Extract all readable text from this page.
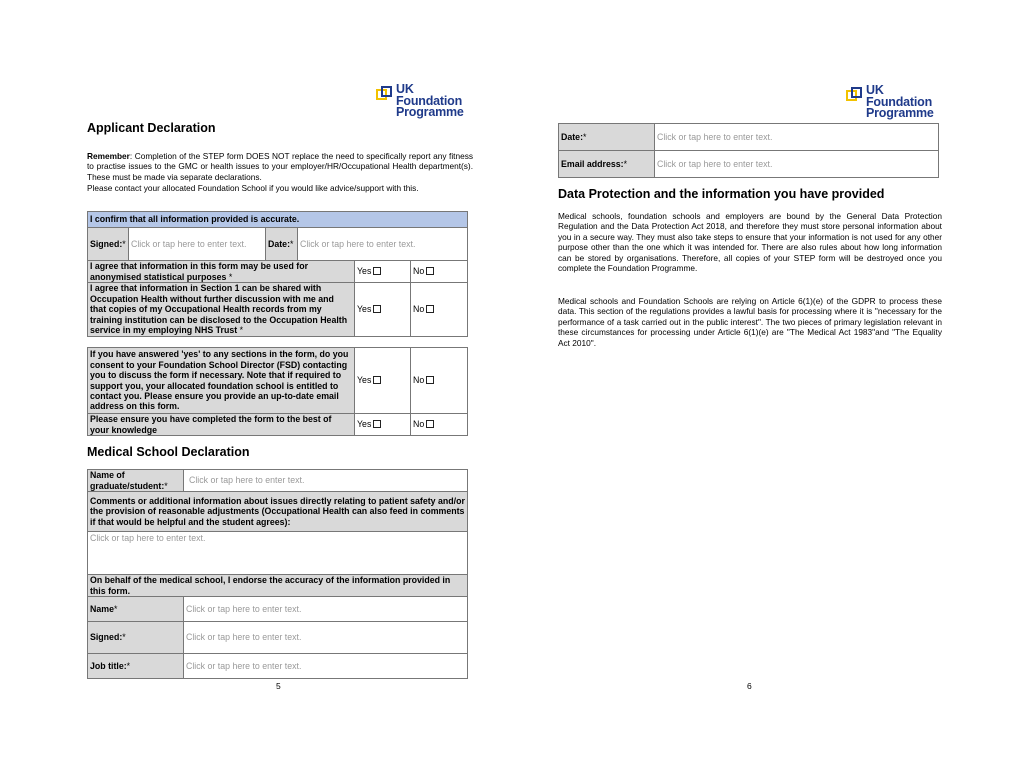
UK
Foundation
Programme
Applicant Declaration

Remember: Completion of the STEP form DOES NOT replace the need to specifically report any fitness to practise issues to the GMC or health issues to your employer/HR/Occupational Health department(s). These must be made via separate declarations.

Please contact your allocated Foundation School if you would like advice/support with this.

I confirm that all information provided is accurate.
Signed:*	Click or tap here to enter text.	Date:*	Click or tap here to enter text.
I agree that information in this form may be used for anonymised statistical purposes *	Yes	No
I agree that information in Section 1 can be shared with Occupation Health without further discussion with me and that copies of my Occupational Health records from my training institution can be disclosed to the Occupation Health service in my employing NHS Trust *	Yes	No
If you have answered 'yes' to any sections in the form, do you consent to your Foundation School Director (FSD) contacting you to discuss the form if necessary. Note that if required to support you, your allocated foundation school is entitled to contact you. Please ensure you provide an up-to-date email address on this form.	Yes	No
Please ensure you have completed the form to the best of your knowledge	Yes	No
Medical School Declaration
Name of graduate/student:*	Click or tap here to enter text.
Comments or additional information about issues directly relating to patient safety and/or the provision of reasonable adjustments (Occupational Health can also feed in comments if that would be helpful and the student agrees):	
Click or tap here to enter text.	
On behalf of the medical school, I endorse the accuracy of the information provided in this form.	
Name*	Click or tap here to enter text.
Signed:*	Click or tap here to enter text.
Job title:*	Click or tap here to enter text.
5
UK
Foundation
Programme
Date:*	Click or tap here to enter text.
Email address:*	Click or tap here to enter text.
Data Protection and the information you have provided

Medical schools, foundation schools and employers are bound by the General Data Protection Regulation and the Data Protection Act 2018, and therefore they must store personal information about you in a secure way. They must also take steps to ensure that your information is not used for any other purpose other than the one which it was intended for. There are also rules about how long information can be stored by organisations. Therefore, all copies of your STEP form will be destroyed once you complete the Foundation Programme.

Medical schools and Foundation Schools are relying on Article 6(1)(e) of the GDPR to process these data. This section of the regulations provides a lawful basis for processing where it is "necessary for the performance of a task carried out in the public interest". The two pieces of primary legislation relevant in these circumstances for processing under Article 6(1)(e) are "The Medical Act 1983"and "The Equality Act 2010".

6
